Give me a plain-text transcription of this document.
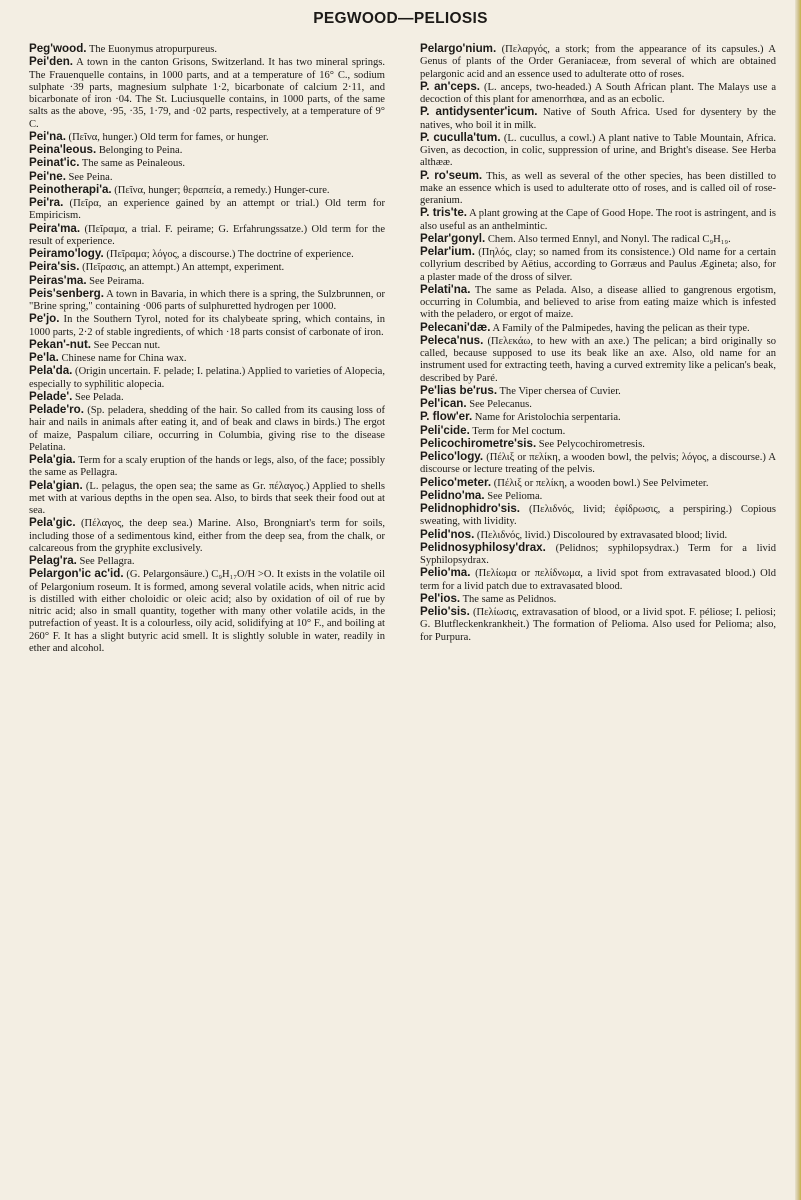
PEGWOOD—PELIOSIS

Peg'wood. The Euonymus atropurpureus.

Pei'den. A town in the canton Grisons, Switzerland. It has two mineral springs. The Frauenquelle contains, in 1000 parts, and at a temperature of 16° C., sodium sulphate ·39 parts, magnesium sulphate 1·2, bicarbonate of calcium 2·11, and bicarbonate of iron ·04. The St. Luciusquelle contains, in 1000 parts, of the same salts as the above, ·95, ·35, 1·79, and ·02 parts, respectively, at a temperature of 9° C.

Pei'na. (Πεῖνα, hunger.) Old term for fames, or hunger.

Peina'leous. Belonging to Peina.

Peinat'ic. The same as Peinaleous.

Pei'ne. See Peina.

Peinotherapi'a. (Πεῖνα, hunger; θεραπεία, a remedy.) Hunger-cure.

Pei'ra. (Πεῖρα, an experience gained by an attempt or trial.) Old term for Empiricism.

Peira'ma. (Πεῖραμα, a trial. F. peirame; G. Erfahrungssatze.) Old term for the result of experience.

Peiramo'logy. (Πεῖραμα; λόγος, a discourse.) The doctrine of experience.

Peira'sis. (Πεῖρασις, an attempt.) An attempt, experiment.

Peiras'ma. See Peirama.

Peis'senberg. A town in Bavaria, in which there is a spring, the Sulzbrunnen, or "Brine spring," containing ·006 parts of sulphuretted hydrogen per 1000.

Pe'jo. In the Southern Tyrol, noted for its chalybeate spring, which contains, in 1000 parts, 2·2 of stable ingredients, of which ·18 parts consist of carbonate of iron.

Pekan'-nut. See Peccan nut.

Pe'la. Chinese name for China wax.

Pela'da. (Origin uncertain. F. pelade; I. pelatina.) Applied to varieties of Alopecia, especially to syphilitic alopecia.

Pelade'. See Pelada.

Pelade'ro. (Sp. peladera, shedding of the hair. So called from its causing loss of hair and nails in animals after eating it, and of beak and claws in birds.) The ergot of maize, Paspalum ciliare, occurring in Columbia, giving rise to the disease Pelatina.

Pela'gia. Term for a scaly eruption of the hands or legs, also, of the face; possibly the same as Pellagra.

Pela'gian. (L. pelagus, the open sea; the same as Gr. πέλαγος.) Applied to shells met with at various depths in the open sea. Also, to birds that seek their food out at sea.

Pela'gic. (Πέλαγος, the deep sea.) Marine. Also, Brongniart's term for soils, including those of a sedimentous kind, either from the deep sea, from the chalk, or calcareous from the gryphite exclusively.

Pelag'ra. See Pellagra.

Pelargon'ic ac'id. (G. Pelargonsäure.) C₉H₁₇O/H >O. It exists in the volatile oil of Pelargonium roseum. It is formed, among several volatile acids, when nitric acid is distilled with either choloidic or oleic acid; also by oxidation of oil of rue by nitric acid; also in small quantity, together with many other volatile acids, in the putrefaction of yeast. It is a colourless, oily acid, solidifying at 10° F., and boiling at 260° F. It has a slight butyric acid smell. It is slightly soluble in water, readily in ether and alcohol.

Pelargo'nium. (Πελαργός, a stork; from the appearance of its capsules.) A Genus of plants of the Order Geraniaceæ, from several of which are obtained pelargonic acid and an essence used to adulterate otto of roses.

P. an'ceps. (L. anceps, two-headed.) A South African plant. The Malays use a decoction of this plant for amenorrhœa, and as an ecbolic.

P. antidysenter'icum. Native of South Africa. Used for dysentery by the natives, who boil it in milk.

P. cuculla'tum. (L. cucullus, a cowl.) A plant native to Table Mountain, Africa. Given, as decoction, in colic, suppression of urine, and Bright's disease. See Herba althææ.

P. ro'seum. This, as well as several of the other species, has been distilled to make an essence which is used to adulterate otto of roses, and is called oil of rose-geranium.

P. tris'te. A plant growing at the Cape of Good Hope. The root is astringent, and is also useful as an anthelmintic.

Pelar'gonyl. Chem. Also termed Ennyl, and Nonyl. The radical C₉H₁₉.

Pelar'ium. (Πηλός, clay; so named from its consistence.) Old name for a certain collyrium described by Aëtius, according to Gorræus and Paulus Ægineta; also, for a plaster made of the dross of silver.

Pelati'na. The same as Pelada. Also, a disease allied to gangrenous ergotism, occurring in Columbia, and believed to arise from eating maize which is infested with the peladero, or ergot of maize.

Pelecani'dæ. A Family of the Palmipedes, having the pelican as their type.

Peleca'nus. (Πελεκάω, to hew with an axe.) The pelican; a bird originally so called, because supposed to use its beak like an axe. Also, old name for an instrument used for extracting teeth, having a curved extremity like a pelican's beak, described by Paré.

Pe'lias be'rus. The Viper chersea of Cuvier.

Pel'ican. See Pelecanus.

P. flow'er. Name for Aristolochia serpentaria.

Peli'cide. Term for Mel coctum.

Pelicochirometre'sis. See Pelycochirometresis.

Pelico'logy. (Πέλιξ or πελίκη, a wooden bowl, the pelvis; λόγος, a discourse.) A discourse or lecture treating of the pelvis.

Pelico'meter. (Πέλιξ or πελίκη, a wooden bowl.) See Pelvimeter.

Pelidno'ma. See Pelioma.

Pelidnophidro'sis. (Πελιδνός, livid; ἐφίδρωσις, a perspiring.) Copious sweating, with lividity.

Pelid'nos. (Πελιδνός, livid.) Discoloured by extravasated blood; livid.

Pelidnosyphilosy'drax. (Pelidnos; syphilopsydrax.) Term for a livid Syphilopsydrax.

Pelio'ma. (Πελίωμα or πελίδνωμα, a livid spot from extravasated blood.) Old term for a livid patch due to extravasated blood.

Pel'ios. The same as Pelidnos.

Pelio'sis. (Πελίωσις, extravasation of blood, or a livid spot. F. péliose; I. peliosi; G. Blutfleckenkrankheit.) The formation of Pelioma. Also used for Pelioma; also, for Purpura.
